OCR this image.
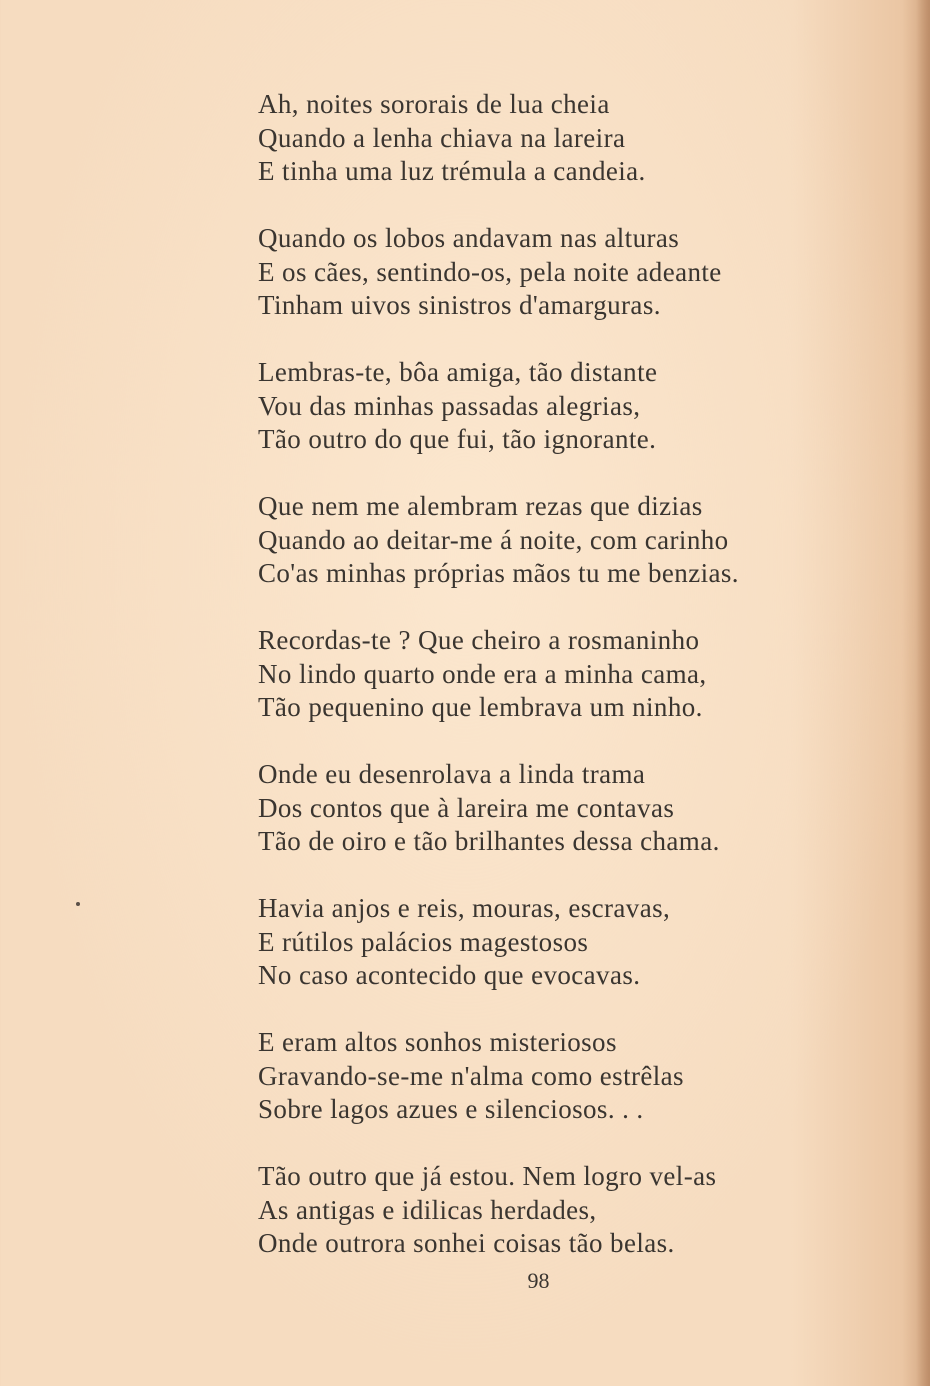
Ah, noites sororais de lua cheia
Quando a lenha chiava na lareira
E tinha uma luz trémula a candeia.
Quando os lobos andavam nas alturas
E os cães, sentindo-os, pela noite adeante
Tinham uivos sinistros d'amarguras.
Lembras-te, bôa amiga, tão distante
Vou das minhas passadas alegrias,
Tão outro do que fui, tão ignorante.
Que nem me alembram rezas que dizias
Quando ao deitar-me á noite, com carinho
Co'as minhas próprias mãos tu me benzias.
Recordas-te ? Que cheiro a rosmaninho
No lindo quarto onde era a minha cama,
Tão pequenino que lembrava um ninho.
Onde eu desenrolava a linda trama
Dos contos que à lareira me contavas
Tão de oiro e tão brilhantes dessa chama.
Havia anjos e reis, mouras, escravas,
E rútilos palácios magestosos
No caso acontecido que evocavas.
E eram altos sonhos misteriosos
Gravando-se-me n'alma como estrêlas
Sobre lagos azues e silenciosos. . .
Tão outro que já estou. Nem logro vel-as
As antigas e idilicas herdades,
Onde outrora sonhei coisas tão belas.
98
